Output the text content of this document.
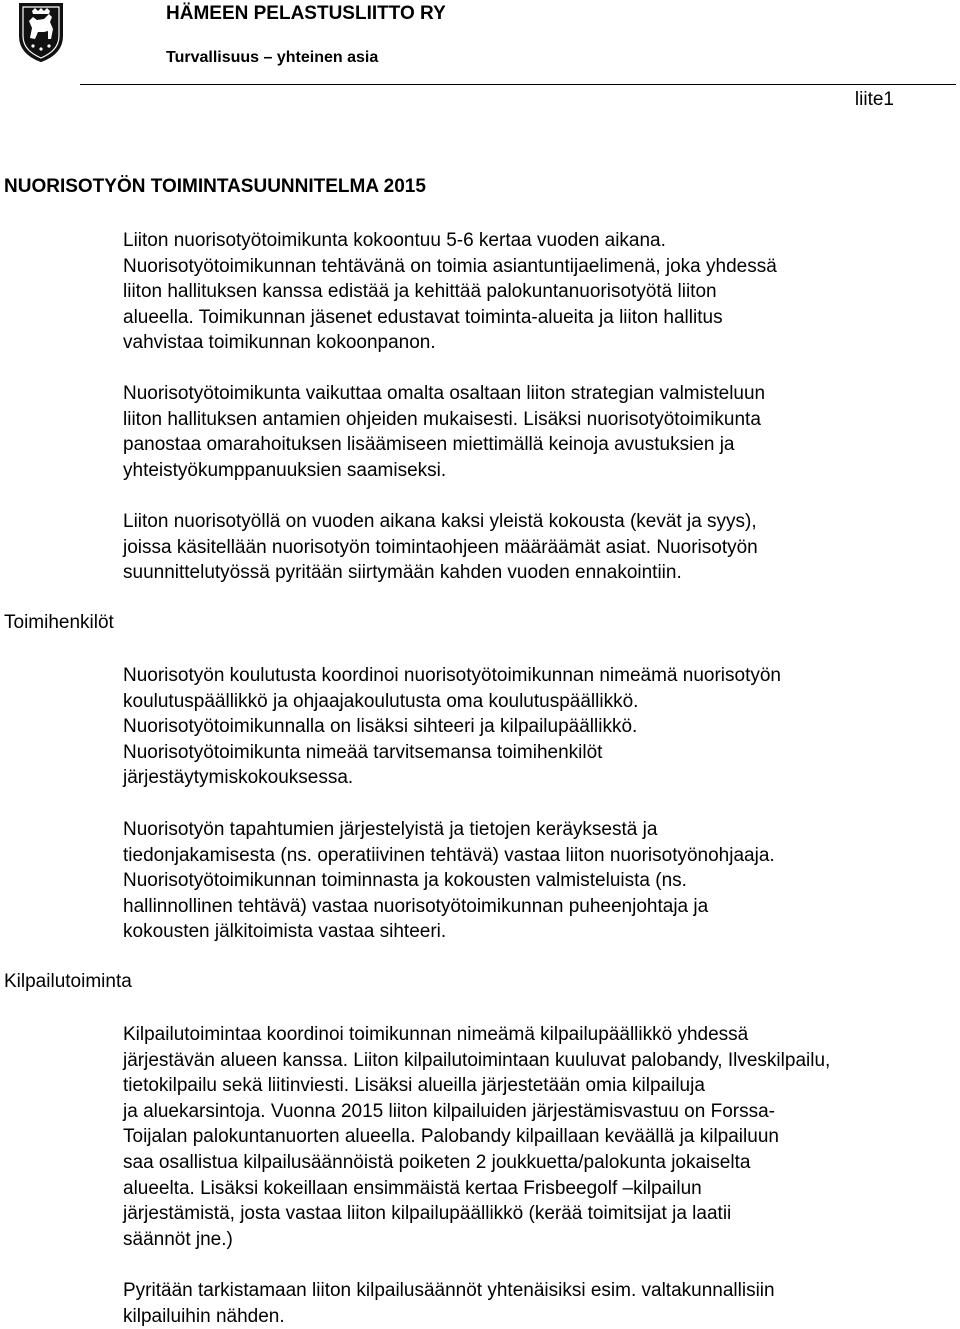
HÄMEEN PELASTUSLIITTO RY
Turvallisuus – yhteinen asia
liite1
NUORISOTYÖN TOIMINTASUUNNITELMA 2015

Liiton nuorisotyötoimikunta kokoontuu 5-6 kertaa vuoden aikana.
Nuorisotyötoimikunnan tehtävänä on toimia asiantuntijaelimenä, joka yhdessä
liiton hallituksen kanssa edistää ja kehittää palokuntanuorisotyötä liiton
alueella. Toimikunnan jäsenet edustavat toiminta-alueita ja liiton hallitus
vahvistaa toimikunnan kokoonpanon.

Nuorisotyötoimikunta vaikuttaa omalta osaltaan liiton strategian valmisteluun
liiton hallituksen antamien ohjeiden mukaisesti. Lisäksi nuorisotyötoimikunta
panostaa omarahoituksen lisäämiseen miettimällä keinoja avustuksien ja
yhteistyökumppanuuksien saamiseksi.

Liiton nuorisotyöllä on vuoden aikana kaksi yleistä kokousta (kevät ja syys),
joissa käsitellään nuorisotyön toimintaohjeen määräämät asiat. Nuorisotyön
suunnittelutyössä pyritään siirtymään kahden vuoden ennakointiin.

Toimihenkilöt

Nuorisotyön koulutusta koordinoi nuorisotyötoimikunnan nimeämä nuorisotyön
koulutuspäällikkö ja ohjaajakoulutusta oma koulutuspäällikkö.
Nuorisotyötoimikunnalla on lisäksi sihteeri ja kilpailupäällikkö.
Nuorisotyötoimikunta nimeää tarvitsemansa toimihenkilöt
järjestäytymiskokouksessa.

Nuorisotyön tapahtumien järjestelyistä ja tietojen keräyksestä ja
tiedonjakamisesta (ns. operatiivinen tehtävä) vastaa liiton nuorisotyönohjaaja.
Nuorisotyötoimikunnan toiminnasta ja kokousten valmisteluista (ns.
hallinnollinen tehtävä) vastaa nuorisotyötoimikunnan puheenjohtaja ja
kokousten jälkitoimista vastaa sihteeri.

Kilpailutoiminta

Kilpailutoimintaa koordinoi toimikunnan nimeämä kilpailupäällikkö yhdessä
järjestävän alueen kanssa. Liiton kilpailutoimintaan kuuluvat palobandy, Ilveskilpailu,
tietokilpailu sekä liitinviesti. Lisäksi alueilla järjestetään omia kilpailuja
ja aluekarsintoja. Vuonna 2015 liiton kilpailuiden järjestämisvastuu on Forssa-
Toijalan palokuntanuorten alueella. Palobandy kilpaillaan keväällä ja kilpailuun
saa osallistua kilpailusäännöistä poiketen 2 joukkuetta/palokunta jokaiselta
alueelta. Lisäksi kokeillaan ensimmäistä kertaa Frisbeegolf –kilpailun
järjestämistä, josta vastaa liiton kilpailupäällikkö (kerää toimitsijat ja laatii
säännöt jne.)

Pyritään tarkistamaan liiton kilpailusäännöt yhtenäisiksi esim. valtakunnallisiin
kilpailuihin nähden.
